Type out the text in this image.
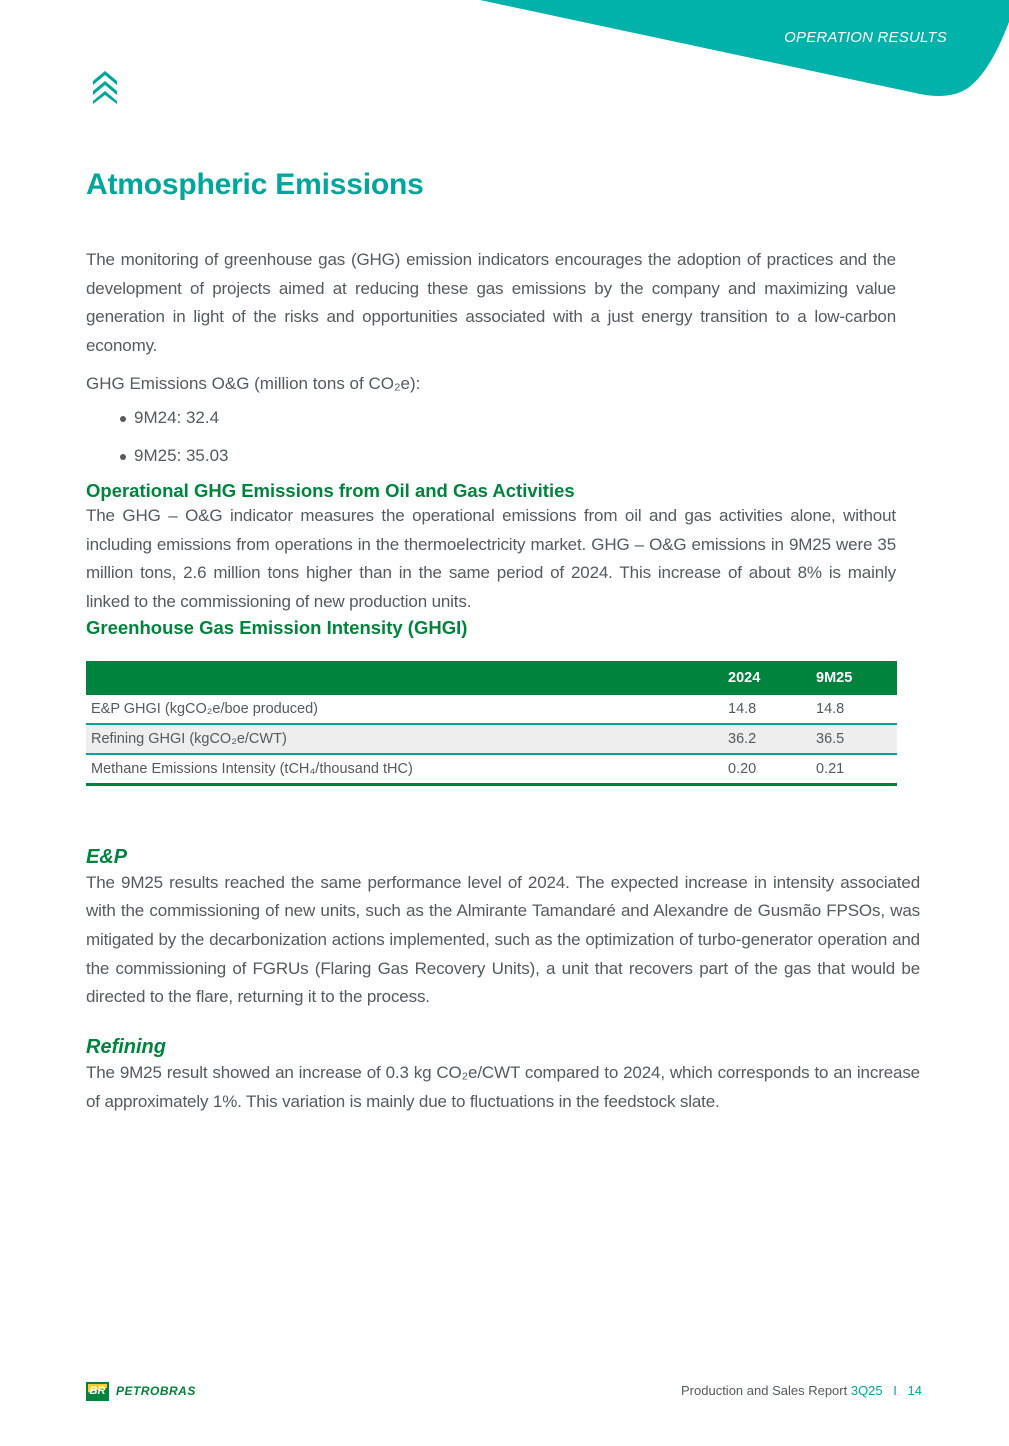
OPERATION RESULTS
Atmospheric Emissions

The monitoring of greenhouse gas (GHG) emission indicators encourages the adoption of practices and the development of projects aimed at reducing these gas emissions by the company and maximizing value generation in light of the risks and opportunities associated with a just energy transition to a low-carbon economy.

GHG Emissions O&G (million tons of CO₂e):

9M24: 32.4
9M25: 35.03
Operational GHG Emissions from Oil and Gas Activities

The GHG – O&G indicator measures the operational emissions from oil and gas activities alone, without including emissions from operations in the thermoelectricity market. GHG – O&G emissions in 9M25 were 35 million tons, 2.6 million tons higher than in the same period of 2024. This increase of about 8% is mainly linked to the commissioning of new production units.

Greenhouse Gas Emission Intensity (GHGI)
	2024	9M25
E&P GHGI (kgCO₂e/boe produced)	14.8	14.8
Refining GHGI (kgCO₂e/CWT)	36.2	36.5
Methane Emissions Intensity (tCH₄/thousand tHC)	0.20	0.21
E&P

The 9M25 results reached the same performance level of 2024. The expected increase in intensity associated with the commissioning of new units, such as the Almirante Tamandaré and Alexandre de Gusmão FPSOs, was mitigated by the decarbonization actions implemented, such as the optimization of turbo-generator operation and the commissioning of FGRUs (Flaring Gas Recovery Units), a unit that recovers part of the gas that would be directed to the flare, returning it to the process.

Refining

The 9M25 result showed an increase of 0.3 kg CO₂e/CWT compared to 2024, which corresponds to an increase of approximately 1%. This variation is mainly due to fluctuations in the feedstock slate.

BR PETROBRAS	Production and Sales Report 3Q25 I 14
